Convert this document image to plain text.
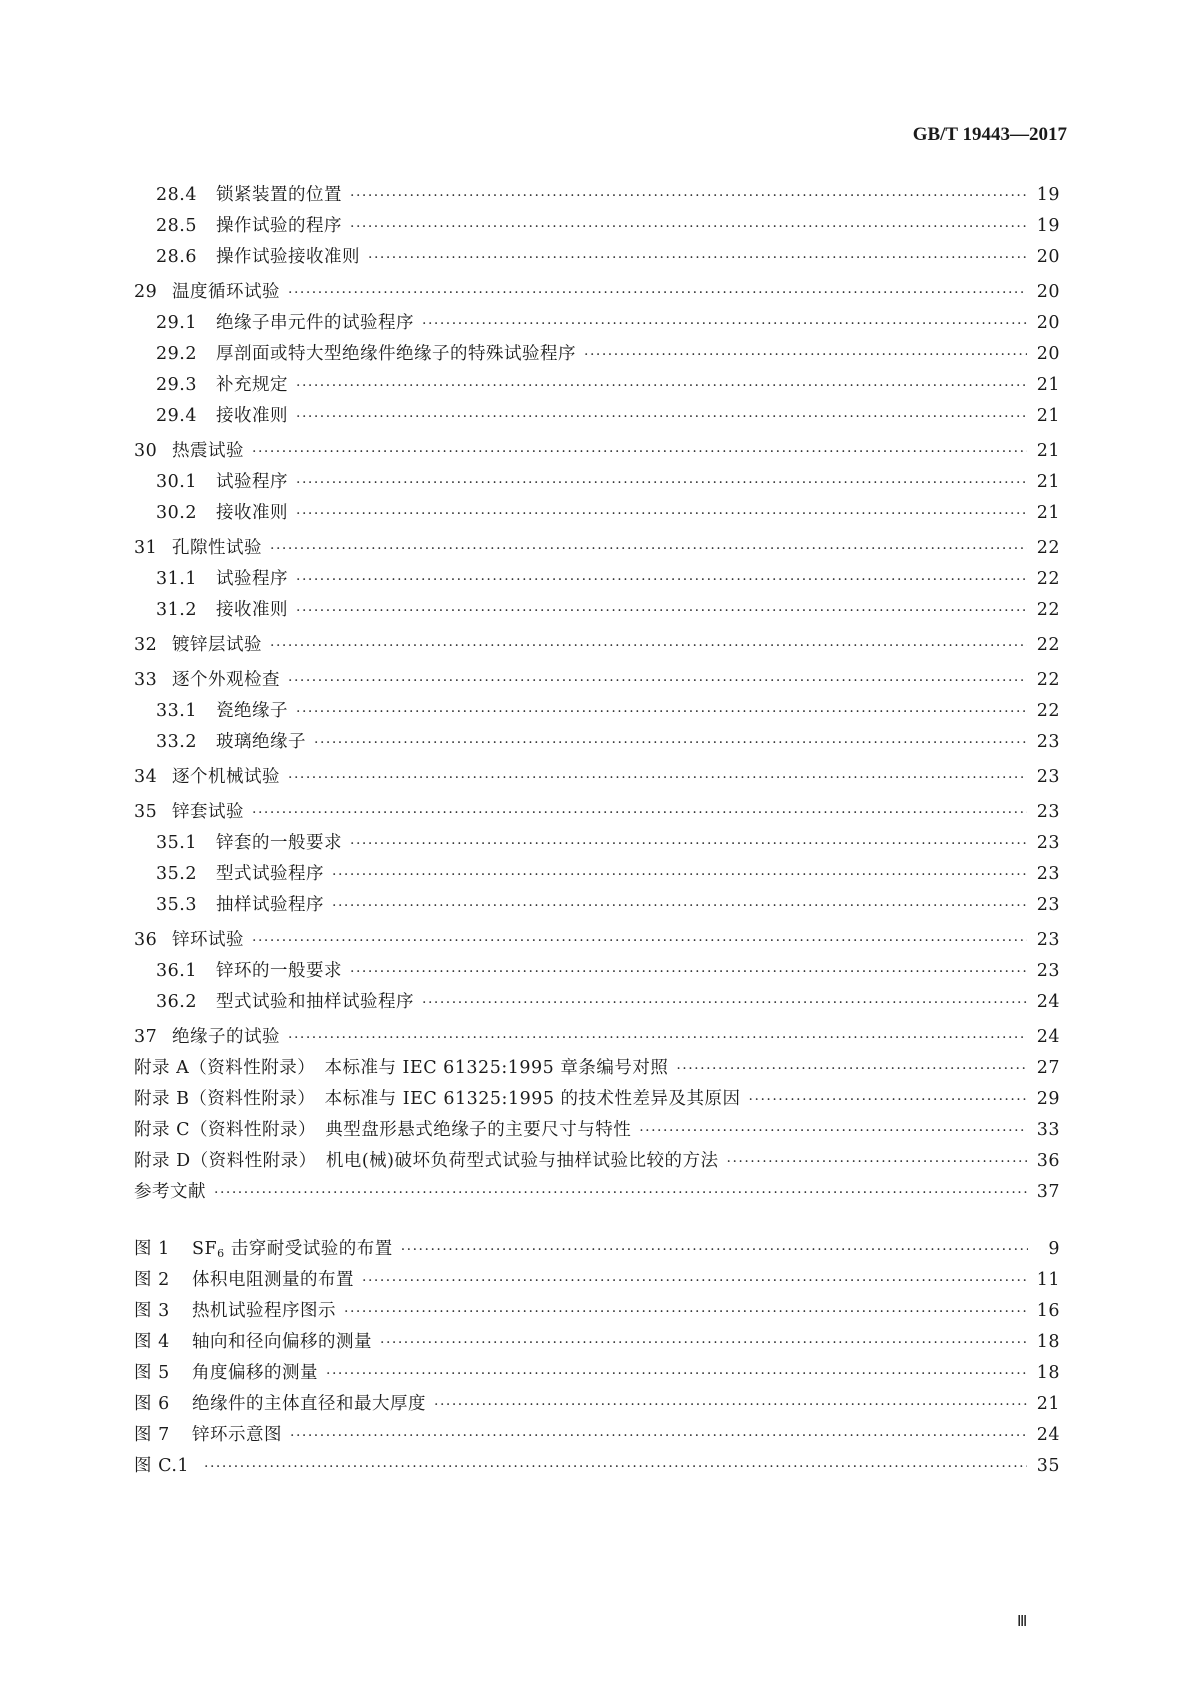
GB/T 19443—2017
28.4	锁紧装置的位置 ·····	19
28.5	操作试验的程序 ·····	19
28.6	操作试验接收准则 ·····	20
29 温度循环试验 ·····	20
29.1	绝缘子串元件的试验程序 ·····	20
29.2	厚剖面或特大型绝缘件绝缘子的特殊试验程序 ·····	20
29.3	补充规定 ·····	21
29.4	接收准则 ·····	21
30 热震试验 ·····	21
30.1	试验程序 ·····	21
30.2	接收准则 ·····	21
31 孔隙性试验 ·····	22
31.1	试验程序 ·····	22
31.2	接收准则 ·····	22
32 镀锌层试验 ·····	22
33 逐个外观检查 ·····	22
33.1	瓷绝缘子 ·····	22
33.2	玻璃绝缘子 ·····	23
34 逐个机械试验 ·····	23
35 锌套试验 ·····	23
35.1	锌套的一般要求 ·····	23
35.2	型式试验程序 ·····	23
35.3	抽样试验程序 ·····	23
36 锌环试验 ·····	23
36.1	锌环的一般要求 ·····	23
36.2	型式试验和抽样试验程序 ·····	24
37 绝缘子的试验 ·····	24
附录 A（资料性附录）　本标准与 IEC 61325:1995 章条编号对照 ·····	27
附录 B（资料性附录）　本标准与 IEC 61325:1995 的技术性差异及其原因 ·····	29
附录 C（资料性附录）　典型盘形悬式绝缘子的主要尺寸与特性 ·····	33
附录 D（资料性附录）　机电(械)破坏负荷型式试验与抽样试验比较的方法 ·····	36
参考文献 ·····	37
图 1	$SF_6$ 击穿耐受试验的布置 ·····	9
图 2	体积电阻测量的布置 ·····	11
图 3	热机试验程序图示 ·····	16
图 4	轴向和径向偏移的测量 ·····	18
图 5	角度偏移的测量 ·····	18
图 6	绝缘件的主体直径和最大厚度 ·····	21
图 7	锌环示意图 ·····	24
图 C.1 ·····	35
Ⅲ
